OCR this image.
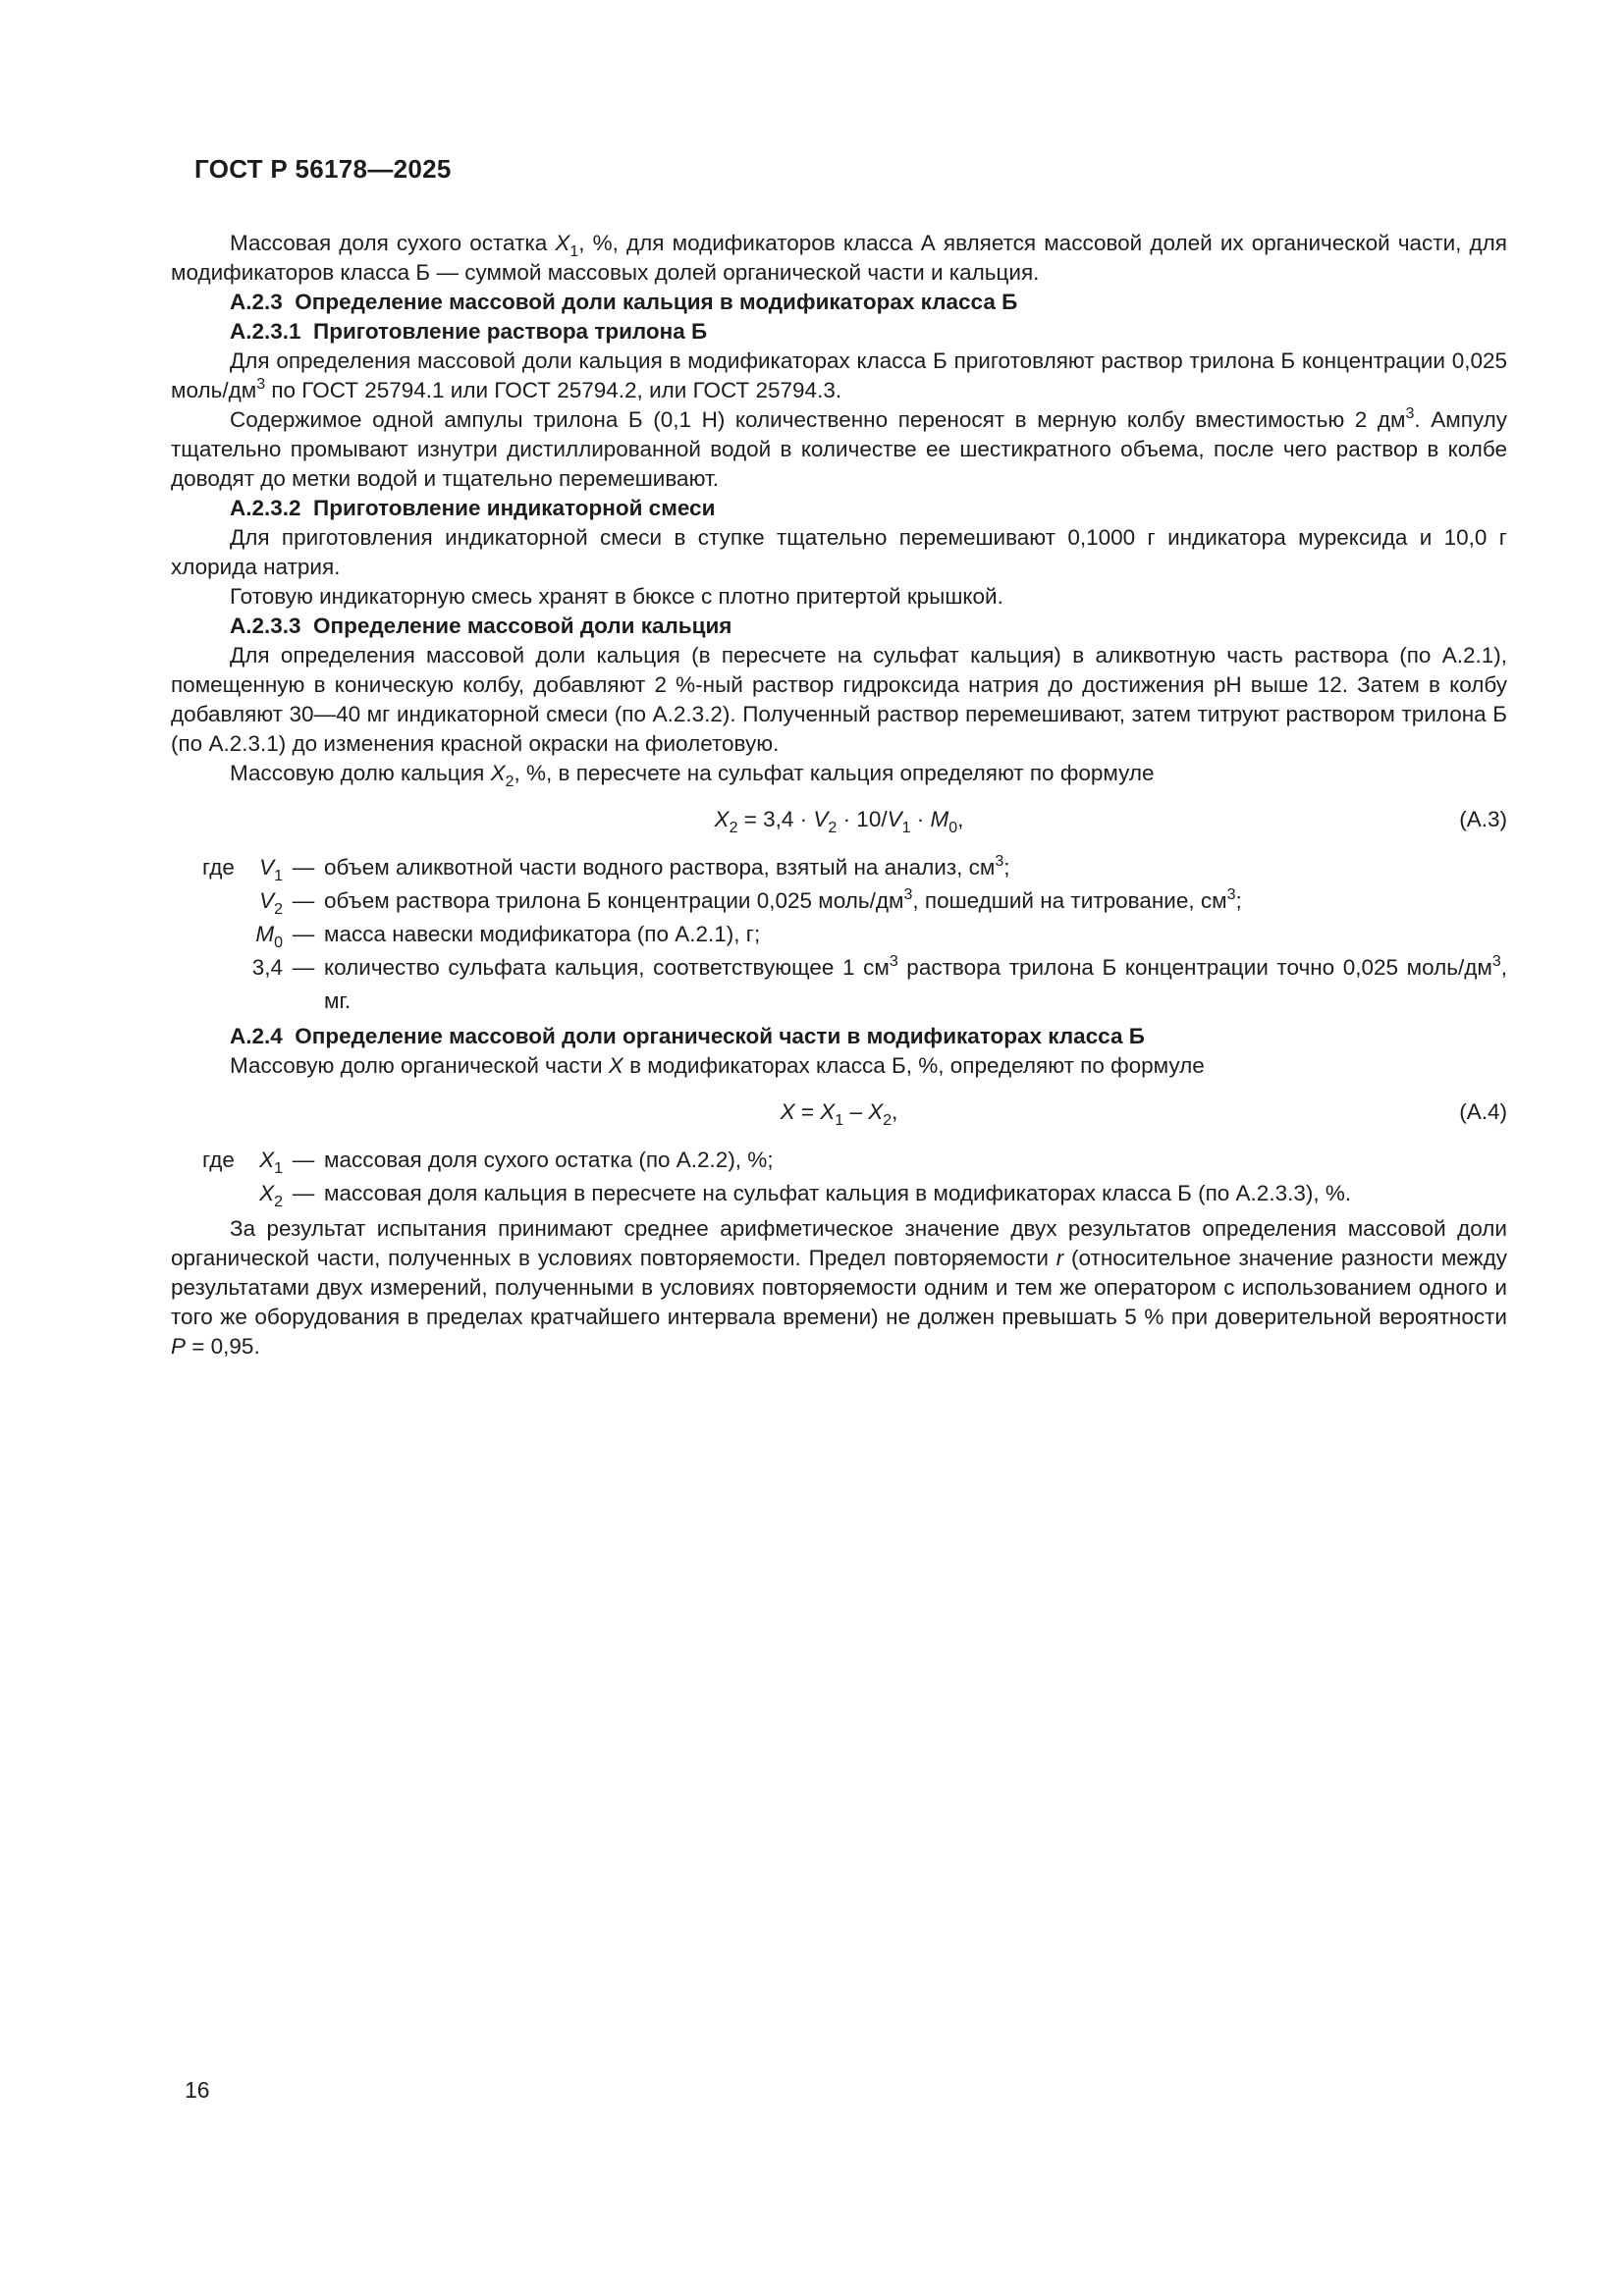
ГОСТ Р 56178—2025
Массовая доля сухого остатка $X_1$, %, для модификаторов класса А является массовой долей их органической части, для модификаторов класса Б — суммой массовых долей органической части и кальция.
А.2.3  Определение массовой доли кальция в модификаторах класса Б
А.2.3.1  Приготовление раствора трилона Б
Для определения массовой доли кальция в модификаторах класса Б приготовляют раствор трилона Б концентрации 0,025 моль/$дм^3$ по ГОСТ 25794.1 или ГОСТ 25794.2, или ГОСТ 25794.3.
Содержимое одной ампулы трилона Б (0,1 Н) количественно переносят в мерную колбу вместимостью 2 $дм^3$. Ампулу тщательно промывают изнутри дистиллированной водой в количестве ее шестикратного объема, после чего раствор в колбе доводят до метки водой и тщательно перемешивают.
А.2.3.2  Приготовление индикаторной смеси
Для приготовления индикаторной смеси в ступке тщательно перемешивают 0,1000 г индикатора мурексида и 10,0 г хлорида натрия.
Готовую индикаторную смесь хранят в бюксе с плотно притертой крышкой.
А.2.3.3  Определение массовой доли кальция
Для определения массовой доли кальция (в пересчете на сульфат кальция) в аликвотную часть раствора (по А.2.1), помещенную в коническую колбу, добавляют 2 %-ный раствор гидроксида натрия до достижения рН выше 12. Затем в колбу добавляют 30—40 мг индикаторной смеси (по А.2.3.2). Полученный раствор перемешивают, затем титруют раствором трилона Б (по А.2.3.1) до изменения красной окраски на фиолетовую.
Массовую долю кальция $X_2$, %, в пересчете на сульфат кальция определяют по формуле
$X_2 = 3,4 \cdot V_2 \cdot 10/V_1 \cdot M_0$,	(А.3)
где	$V_1$ — объем аликвотной части водного раствора, взятый на анализ, $см^3$;
$V_2$ — объем раствора трилона Б концентрации 0,025 моль/$дм^3$, пошедший на титрование, $см^3$;
$M_0$ — масса навески модификатора (по А.2.1), г;
3,4 — количество сульфата кальция, соответствующее 1 $см^3$ раствора трилона Б концентрации точно 0,025 моль/$дм^3$, мг.
А.2.4  Определение массовой доли органической части в модификаторах класса Б
Массовую долю органической части X в модификаторах класса Б, %, определяют по формуле
$X = X_1 - X_2$,	(А.4)
где	$X_1$ — массовая доля сухого остатка (по А.2.2), %;
$X_2$ — массовая доля кальция в пересчете на сульфат кальция в модификаторах класса Б (по А.2.3.3), %.
За результат испытания принимают среднее арифметическое значение двух результатов определения массовой доли органической части, полученных в условиях повторяемости. Предел повторяемости r (относительное значение разности между результатами двух измерений, полученными в условиях повторяемости одним и тем же оператором с использованием одного и того же оборудования в пределах кратчайшего интервала времени) не должен превышать 5 % при доверительной вероятности P = 0,95.
16
